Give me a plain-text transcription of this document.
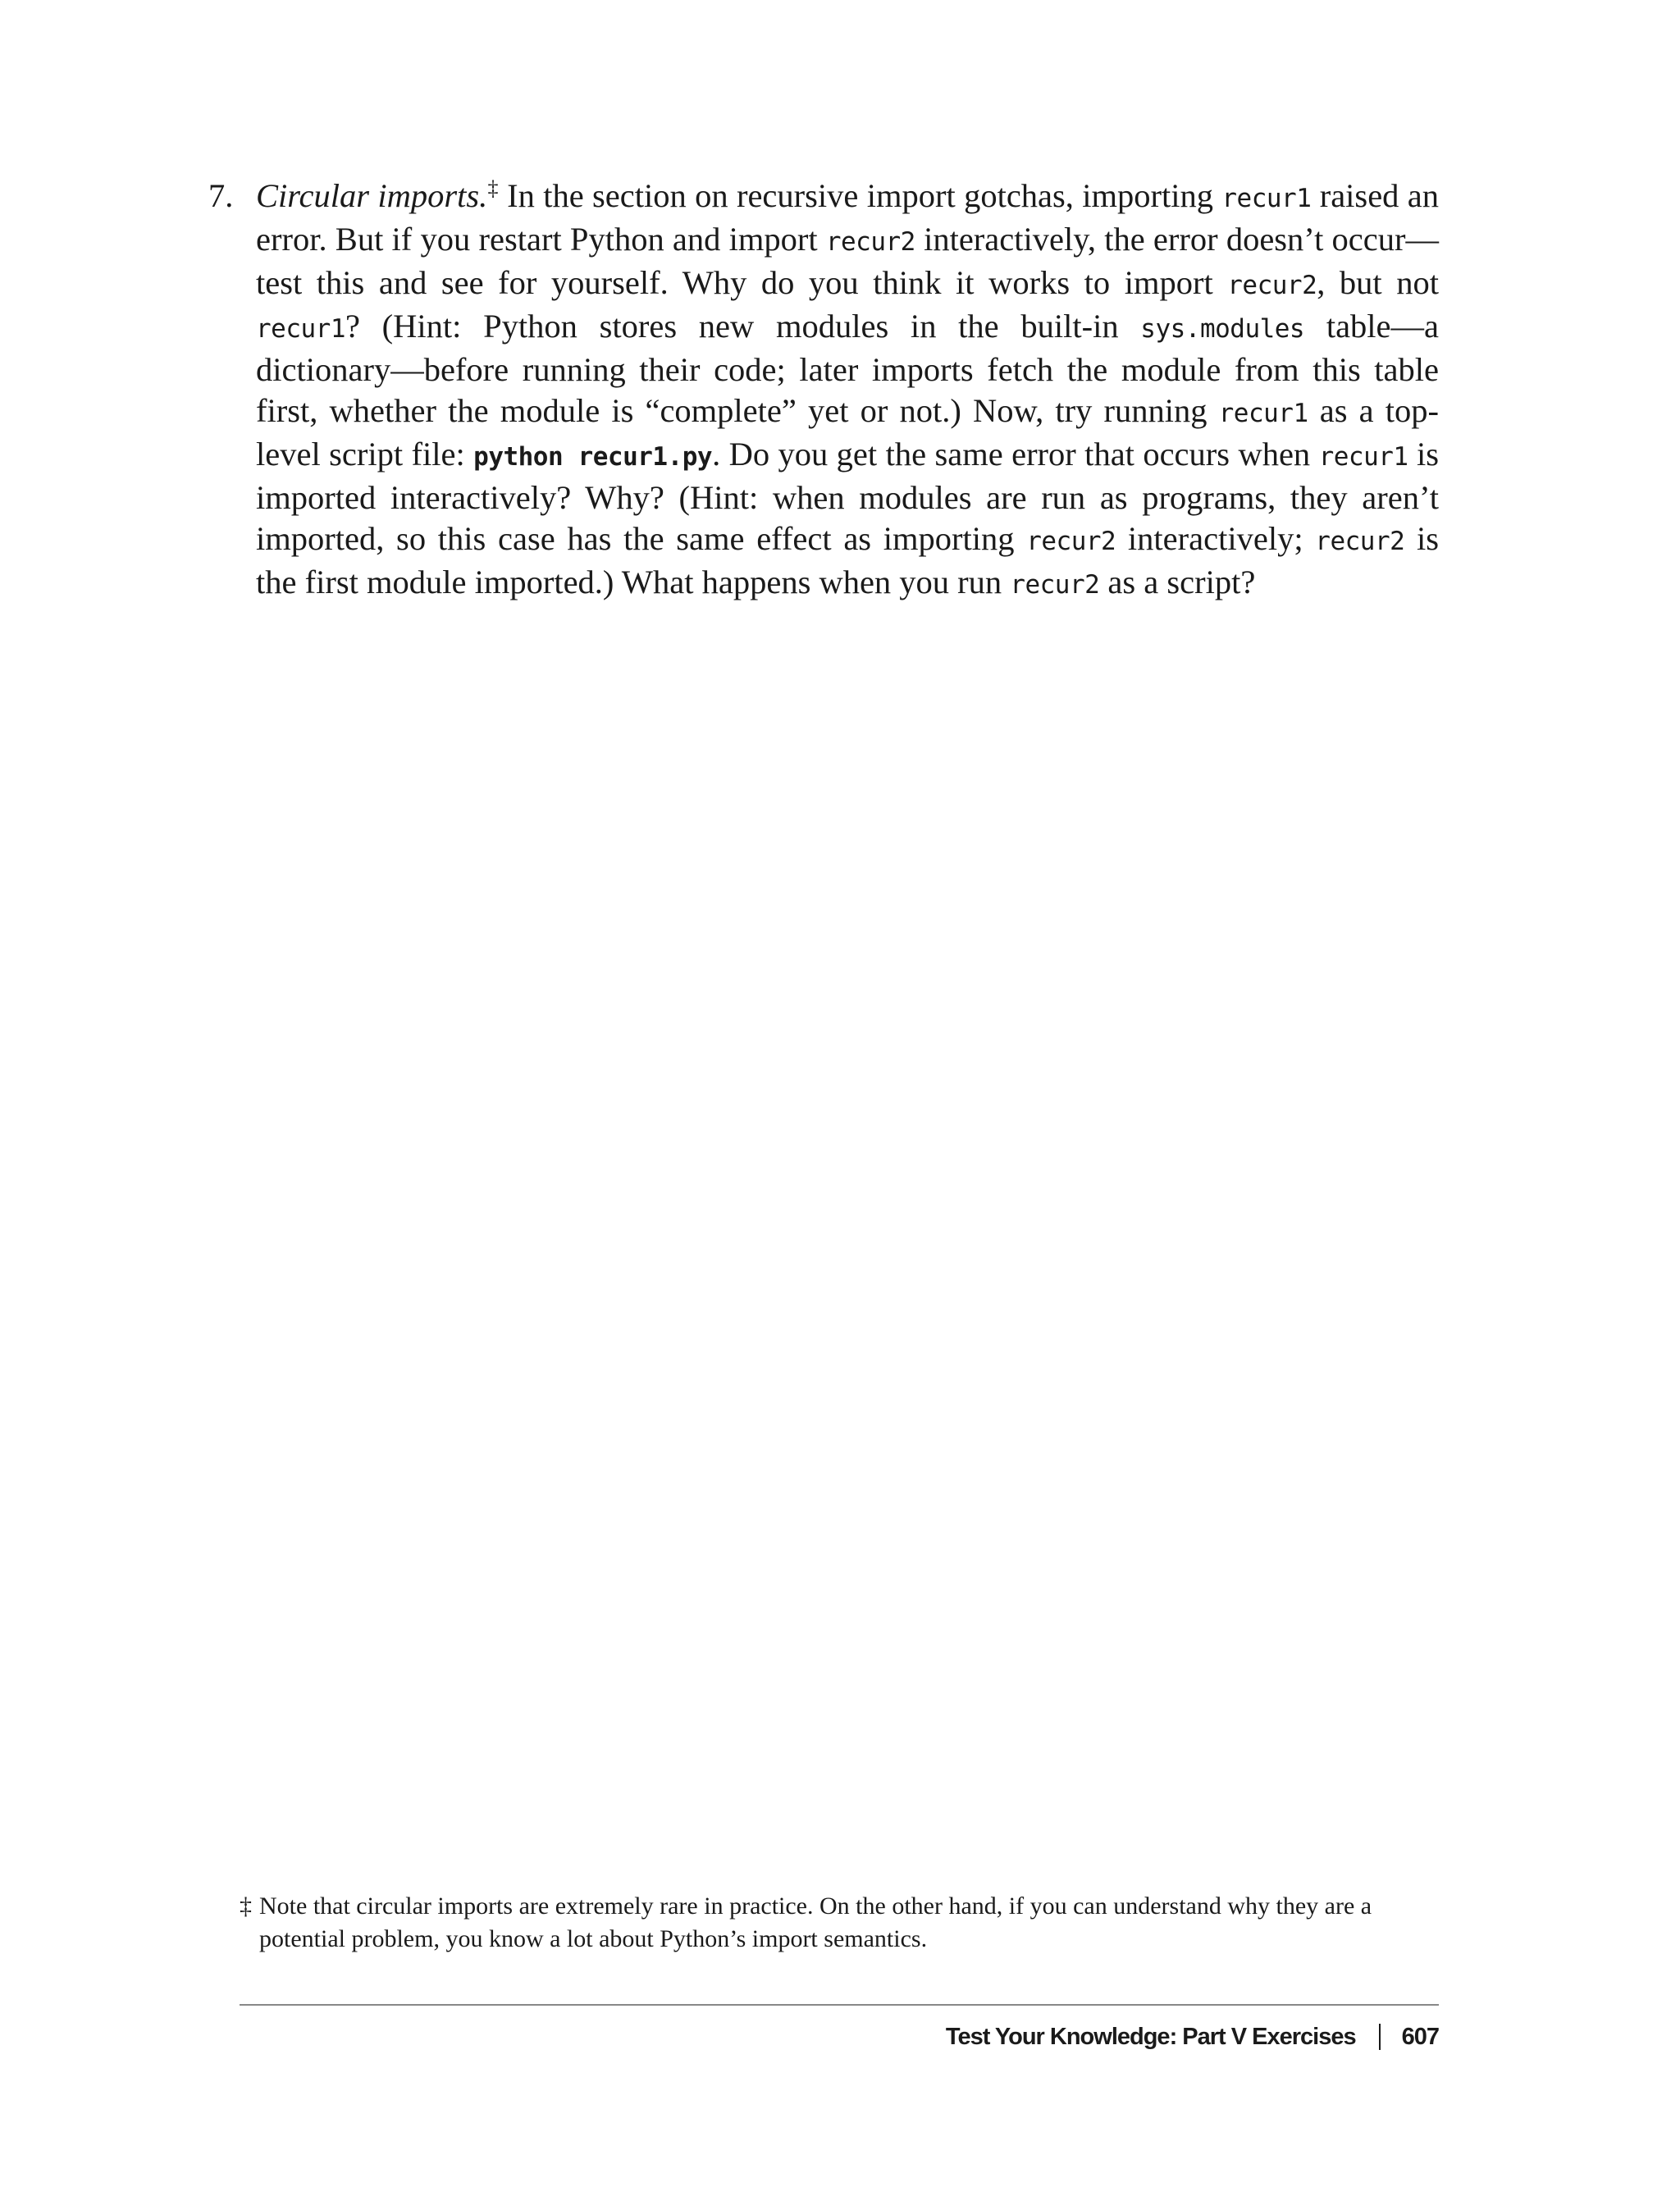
7. Circular imports.‡ In the section on recursive import gotchas, importing recur1 raised an error. But if you restart Python and import recur2 interactively, the error doesn’t occur—test this and see for yourself. Why do you think it works to import recur2, but not recur1? (Hint: Python stores new modules in the built-in sys.modules table—a dictionary—before running their code; later imports fetch the module from this table first, whether the module is “complete” yet or not.) Now, try running recur1 as a top-level script file: python recur1.py. Do you get the same error that occurs when recur1 is imported interactively? Why? (Hint: when modules are run as programs, they aren’t imported, so this case has the same effect as importing recur2 interactively; recur2 is the first module imported.) What happens when you run recur2 as a script?

‡ Note that circular imports are extremely rare in practice. On the other hand, if you can understand why they are a potential problem, you know a lot about Python’s import semantics.
Test Your Knowledge: Part V Exercises 607
